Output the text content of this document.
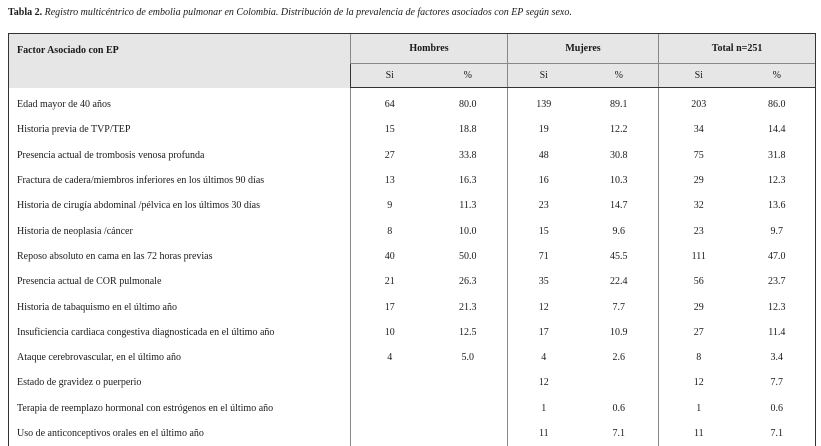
Tabla 2. Registro multicéntrico de embolia pulmonar en Colombia. Distribución de la prevalencia de factores asociados con EP según sexo.
Factor Asociado con EP	Hombres		Mujeres		Total n=251	
	Si	%	Si	%	Si	%
Edad mayor de 40 años	64	80.0	139	89.1	203	86.0
Historia previa de TVP/TEP	15	18.8	19	12.2	34	14.4
Presencia actual de trombosis venosa profunda	27	33.8	48	30.8	75	31.8
Fractura de cadera/miembros inferiores en los últimos 90 días	13	16.3	16	10.3	29	12.3
Historia de cirugía abdominal /pélvica en los últimos 30 días	9	11.3	23	14.7	32	13.6
Historia de neoplasia /cáncer	8	10.0	15	9.6	23	9.7
Reposo absoluto en cama en las 72 horas previas	40	50.0	71	45.5	111	47.0
Presencia actual de COR pulmonale	21	26.3	35	22.4	56	23.7
Historia de tabaquismo en el último año	17	21.3	12	7.7	29	12.3
Insuficiencia cardiaca congestiva diagnosticada en el último año	10	12.5	17	10.9	27	11.4
Ataque cerebrovascular, en el último año	4	5.0	4	2.6	8	3.4
Estado de gravidez o puerperio			12		12	7.7
Terapia de reemplazo hormonal con estrógenos en el último año			1	0.6	1	0.6
Uso de anticonceptivos orales en el último año			11	7.1	11	7.1
